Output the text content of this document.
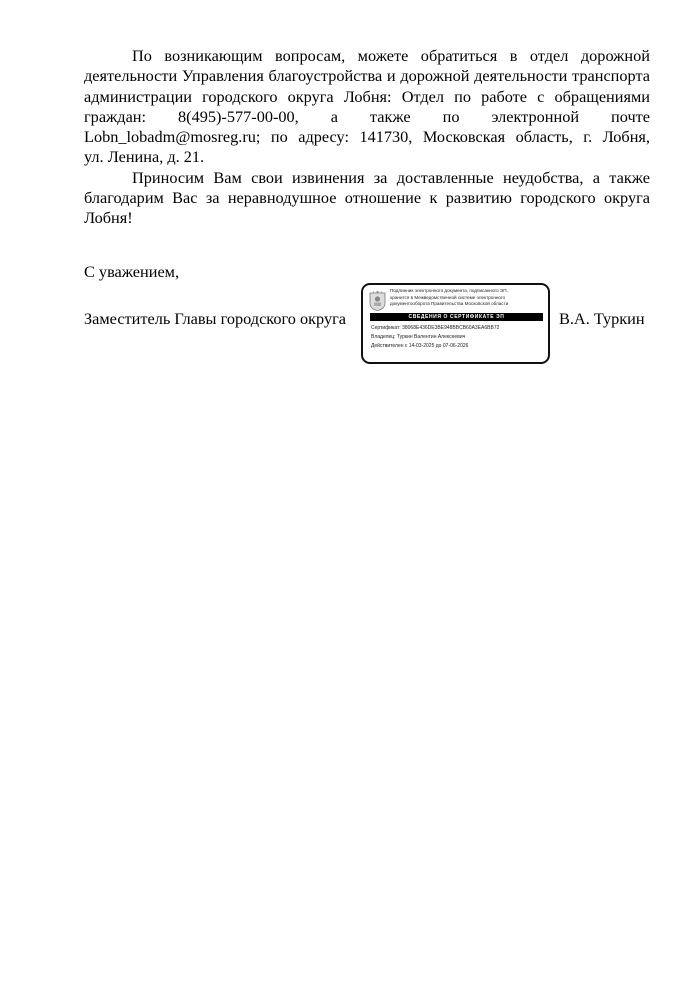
По возникающим вопросам, можете обратиться в отдел дорожной
деятельности Управления благоустройства и дорожной деятельности транспорта
администрации городского округа Лобня: Отдел по работе с обращениями
граждан: 8(495)-577-00-00, а также по электронной почте
Lobn_lobadm@mosreg.ru; по адресу: 141730, Московская область, г. Лобня,
ул. Ленина, д. 21.

Приносим Вам свои извинения за доставленные неудобства, а также
благодарим Вас за неравнодушное отношение к развитию городского округа
Лобня!

С уважением,
Заместитель Главы городского округа	В.А. Туркин
Подлинник электронного документа, подписанного ЭП,
хранится в Межведомственной системе электронного
документооборота Правительства Московской области
СВЕДЕНИЯ О СЕРТИФИКАТЕ ЭП
Сертификат: 38068E436DE3BE948BBCB60A3EA6BB72
Владелец: Туркин Валентин Алексеевич
Действителен с 14-03-2025 до 07-06-2026
